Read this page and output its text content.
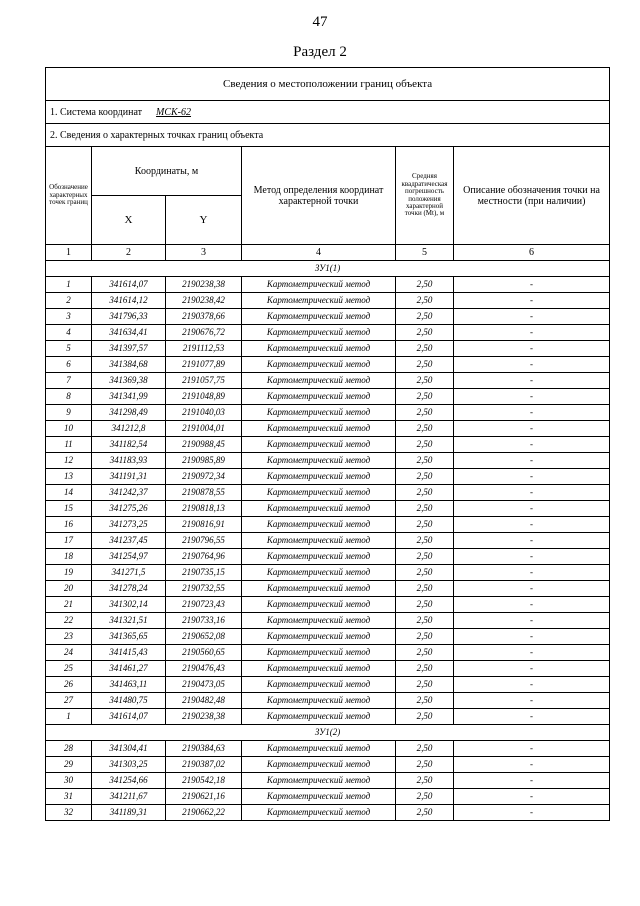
47
Раздел 2
Сведения о местоположении границ объекта					
1. Система координат МСК-62					
2. Сведения о характерных точках границ объекта					
Обозначение характерных точек границ	Координаты, м		Метод определения координат характерной точки	Средняя квадратическая погрешность положения характерной точки (Mt), м	Описание обозначения точки на местности (при наличии)
	X	Y			
1	2	3	4	5	6
ЗУ1(1)					
1	341614,07	2190238,38	Картометрический метод	2,50	-
2	341614,12	2190238,42	Картометрический метод	2,50	-
3	341796,33	2190378,66	Картометрический метод	2,50	-
4	341634,41	2190676,72	Картометрический метод	2,50	-
5	341397,57	2191112,53	Картометрический метод	2,50	-
6	341384,68	2191077,89	Картометрический метод	2,50	-
7	341369,38	2191057,75	Картометрический метод	2,50	-
8	341341,99	2191048,89	Картометрический метод	2,50	-
9	341298,49	2191040,03	Картометрический метод	2,50	-
10	341212,8	2191004,01	Картометрический метод	2,50	-
11	341182,54	2190988,45	Картометрический метод	2,50	-
12	341183,93	2190985,89	Картометрический метод	2,50	-
13	341191,31	2190972,34	Картометрический метод	2,50	-
14	341242,37	2190878,55	Картометрический метод	2,50	-
15	341275,26	2190818,13	Картометрический метод	2,50	-
16	341273,25	2190816,91	Картометрический метод	2,50	-
17	341237,45	2190796,55	Картометрический метод	2,50	-
18	341254,97	2190764,96	Картометрический метод	2,50	-
19	341271,5	2190735,15	Картометрический метод	2,50	-
20	341278,24	2190732,55	Картометрический метод	2,50	-
21	341302,14	2190723,43	Картометрический метод	2,50	-
22	341321,51	2190733,16	Картометрический метод	2,50	-
23	341365,65	2190652,08	Картометрический метод	2,50	-
24	341415,43	2190560,65	Картометрический метод	2,50	-
25	341461,27	2190476,43	Картометрический метод	2,50	-
26	341463,11	2190473,05	Картометрический метод	2,50	-
27	341480,75	2190482,48	Картометрический метод	2,50	-
1	341614,07	2190238,38	Картометрический метод	2,50	-
ЗУ1(2)					
28	341304,41	2190384,63	Картометрический метод	2,50	-
29	341303,25	2190387,02	Картометрический метод	2,50	-
30	341254,66	2190542,18	Картометрический метод	2,50	-
31	341211,67	2190621,16	Картометрический метод	2,50	-
32	341189,31	2190662,22	Картометрический метод	2,50	-
